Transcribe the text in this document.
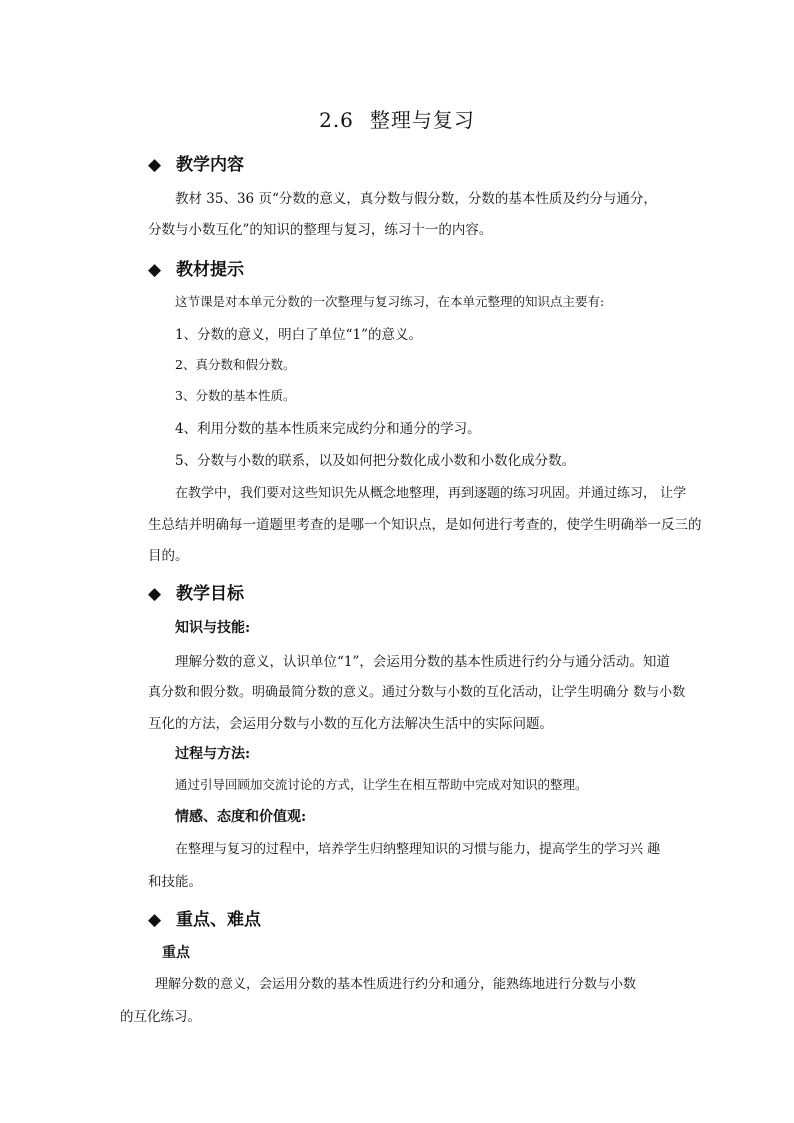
2.6 整理与复习
◆ 教学内容
教材 35、36 页“分数的意义，真分数与假分数，分数的基本性质及约分与通分，
分数与小数互化”的知识的整理与复习，练习十一的内容。
◆ 教材提示
这节课是对本单元分数的一次整理与复习练习，在本单元整理的知识点主要有:
1、分数的意义，明白了单位“1”的意义。
2、真分数和假分数。
3、分数的基本性质。
4、利用分数的基本性质来完成约分和通分的学习。
5、分数与小数的联系，以及如何把分数化成小数和小数化成分数。
在教学中，我们要对这些知识先从概念地整理，再到逐题的练习巩固。并通过练习， 让学
生总结并明确每一道题里考查的是哪一个知识点，是如何进行考查的，使学生明确举一反三的
目的。
◆ 教学目标
知识与技能:
理解分数的意义，认识单位“1”，会运用分数的基本性质进行约分与通分活动。知道
真分数和假分数。明确最简分数的意义。通过分数与小数的互化活动，让学生明确分 数与小数
互化的方法，会运用分数与小数的互化方法解决生活中的实际问题。
过程与方法:
通过引导回顾加交流讨论的方式，让学生在相互帮助中完成对知识的整理。
情感、态度和价值观:
在整理与复习的过程中，培养学生归纳整理知识的习惯与能力，提高学生的学习兴 趣
和技能。
◆ 重点、难点
重点
理解分数的意义，会运用分数的基本性质进行约分和通分，能熟练地进行分数与小数
的互化练习。
